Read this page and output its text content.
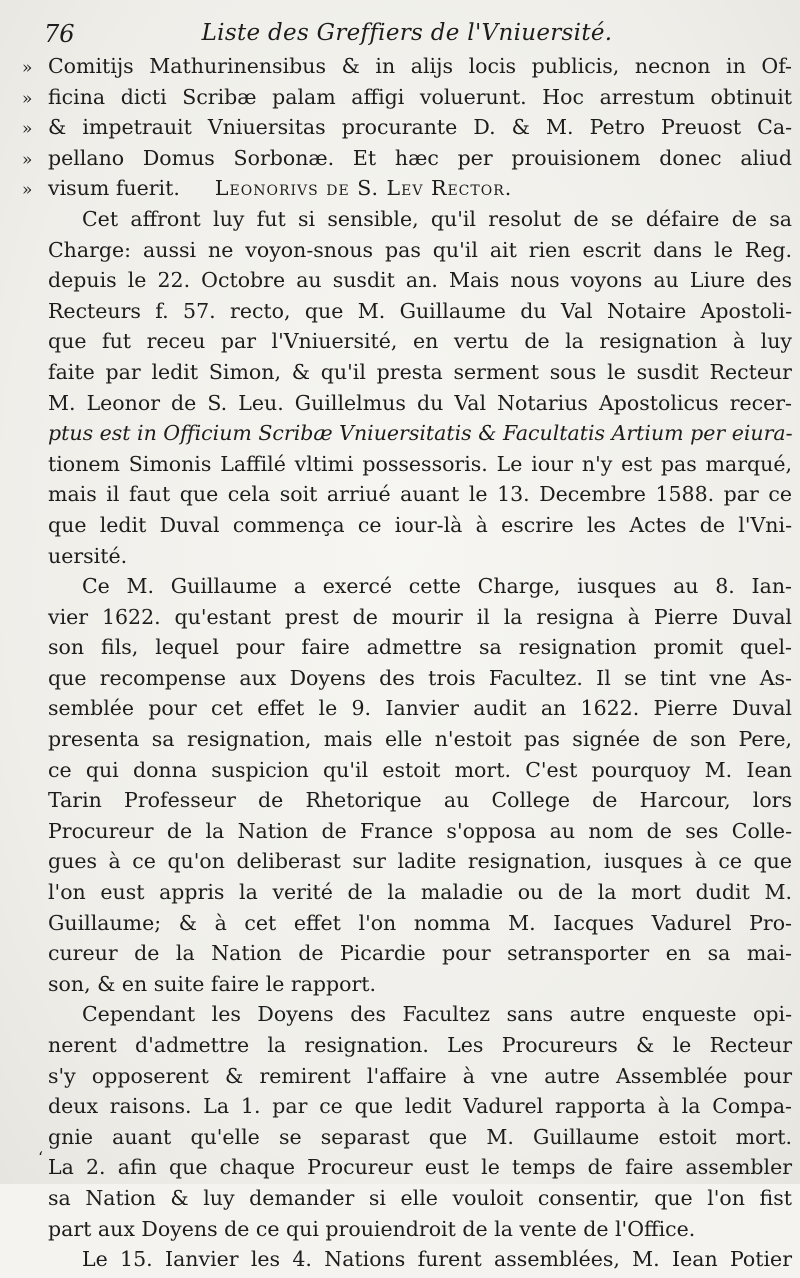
76	Liste des Greffiers de l'Vniuersité.
» Comitijs Mathurinensibus & in alijs locis publicis, necnon in Of-
» ficina dicti Scribæ palam affigi voluerunt. Hoc arrestum obtinuit
» & impetrauit Vniuersitas procurante D. & M. Petro Preuost Ca-
» pellano Domus Sorbonæ. Et hæc per prouisionem donec aliud
» visum fuerit. Leonorivs de S. Lev Rector.
Cet affront luy fut si sensible, qu'il resolut de se défaire de sa
Charge: aussi ne voyon-snous pas qu'il ait rien escrit dans le Reg.
depuis le 22. Octobre au susdit an. Mais nous voyons au Liure des
Recteurs f. 57. recto, que M. Guillaume du Val Notaire Apostoli-
que fut receu par l'Vniuersité, en vertu de la resignation à luy
faite par ledit Simon, & qu'il presta serment sous le susdit Recteur
M. Leonor de S. Leu. Guillelmus du Val Notarius Apostolicus recer-
ptus est in Officium Scribæ Vniuersitatis & Facultatis Artium per eiura-
tionem Simonis Laffilé vltimi possessoris. Le iour n'y est pas marqué,
mais il faut que cela soit arriué auant le 13. Decembre 1588. par ce
que ledit Duval commença ce iour-là à escrire les Actes de l'Vni-
uersité.
Ce M. Guillaume a exercé cette Charge, iusques au 8. Ian-
vier 1622. qu'estant prest de mourir il la resigna à Pierre Duval
son fils, lequel pour faire admettre sa resignation promit quel-
que recompense aux Doyens des trois Facultez. Il se tint vne As-
semblée pour cet effet le 9. Ianvier audit an 1622. Pierre Duval
presenta sa resignation, mais elle n'estoit pas signée de son Pere,
ce qui donna suspicion qu'il estoit mort. C'est pourquoy M. Iean
Tarin Professeur de Rhetorique au College de Harcour, lors
Procureur de la Nation de France s'opposa au nom de ses Colle-
gues à ce qu'on deliberast sur ladite resignation, iusques à ce que
l'on eust appris la verité de la maladie ou de la mort dudit M.
Guillaume; & à cet effet l'on nomma M. Iacques Vadurel Pro-
cureur de la Nation de Picardie pour setransporter en sa mai-
son, & en suite faire le rapport.
Cependant les Doyens des Facultez sans autre enqueste opi-
nerent d'admettre la resignation. Les Procureurs & le Recteur
s'y opposerent & remirent l'affaire à vne autre Assemblée pour
deux raisons. La 1. par ce que ledit Vadurel rapporta à la Compa-
gnie auant qu'elle se separast que M. Guillaume estoit mort.
La 2. afin que chaque Procureur eust le temps de faire assembler
sa Nation & luy demander si elle vouloit consentir, que l'on fist
part aux Doyens de ce qui prouiendroit de la vente de l'Office.
Le 15. Ianvier les 4. Nations furent assemblées, M. Iean Potier
ʻ
